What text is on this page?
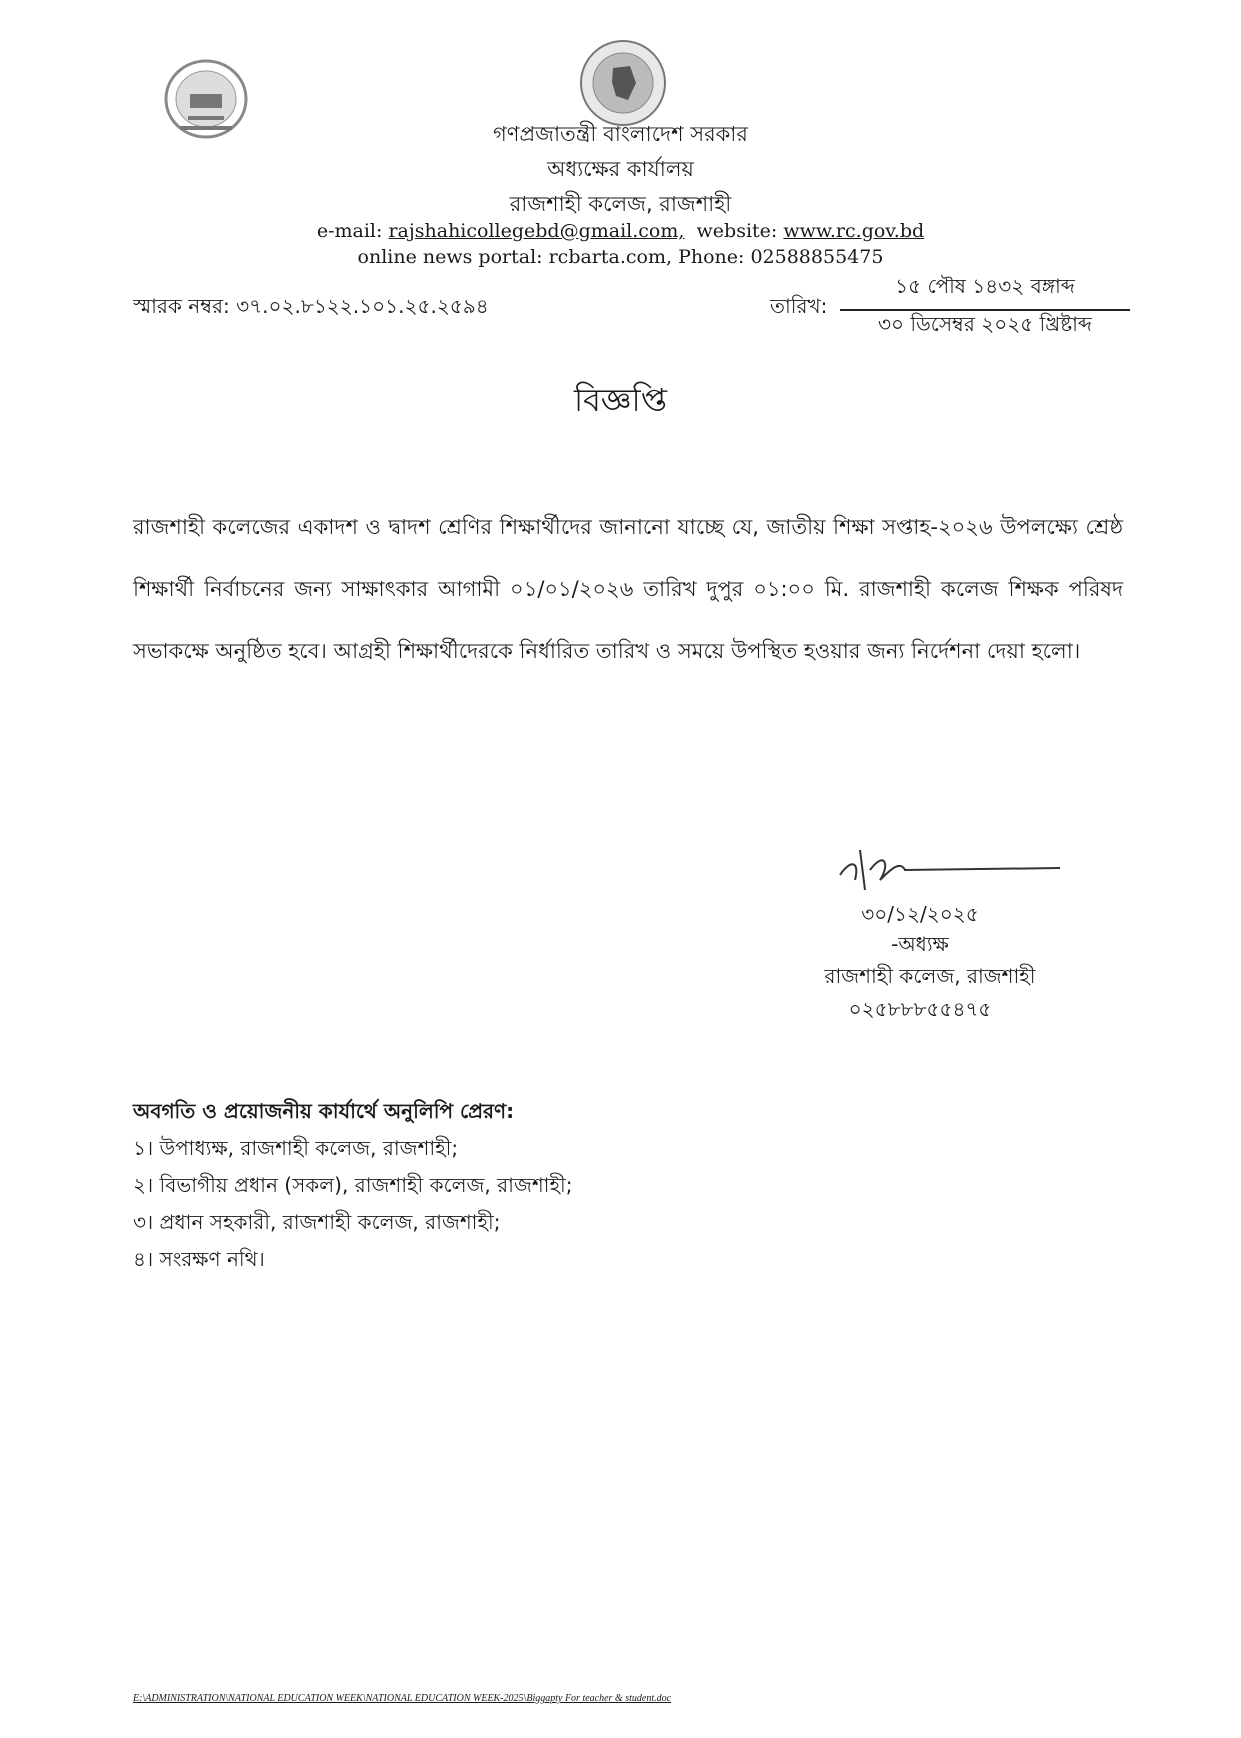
গণপ্রজাতন্ত্রী বাংলাদেশ সরকার
অধ্যক্ষের কার্যালয়
রাজশাহী কলেজ, রাজশাহী
e-mail: rajshahicollegebd@gmail.com, website: www.rc.gov.bd
online news portal: rcbarta.com, Phone: 02588855475
স্মারক নম্বর: ৩৭.০২.৮১২২.১০১.২৫.২৫৯৪	তারিখ:
১৫ পৌষ ১৪৩২ বঙ্গাব্দ
৩০ ডিসেম্বর ২০২৫ খ্রিষ্টাব্দ
বিজ্ঞপ্তি
রাজশাহী কলেজের একাদশ ও দ্বাদশ শ্রেণির শিক্ষার্থীদের জানানো যাচ্ছে যে, জাতীয় শিক্ষা সপ্তাহ-২০২৬ উপলক্ষ্যে শ্রেষ্ঠ শিক্ষার্থী নির্বাচনের জন্য সাক্ষাৎকার আগামী ০১/০১/২০২৬ তারিখ দুপুর ০১:০০ মি. রাজশাহী কলেজ শিক্ষক পরিষদ সভাকক্ষে অনুষ্ঠিত হবে। আগ্রহী শিক্ষার্থীদেরকে নির্ধারিত তারিখ ও সময়ে উপস্থিত হওয়ার জন্য নির্দেশনা দেয়া হলো।
৩০/১২/২০২৫
-অধ্যক্ষ
রাজশাহী কলেজ, রাজশাহী
০২৫৮৮৮৫৫৪৭৫
অবগতি ও প্রয়োজনীয় কার্যার্থে অনুলিপি প্রেরণ:
১। উপাধ্যক্ষ, রাজশাহী কলেজ, রাজশাহী;
২। বিভাগীয় প্রধান (সকল), রাজশাহী কলেজ, রাজশাহী;
৩। প্রধান সহকারী, রাজশাহী কলেজ, রাজশাহী;
৪। সংরক্ষণ নথি।
E:\ADMINISTRATION\NATIONAL EDUCATION WEEK\NATIONAL EDUCATION WEEK-2025\Biggapty For teacher & student.doc
